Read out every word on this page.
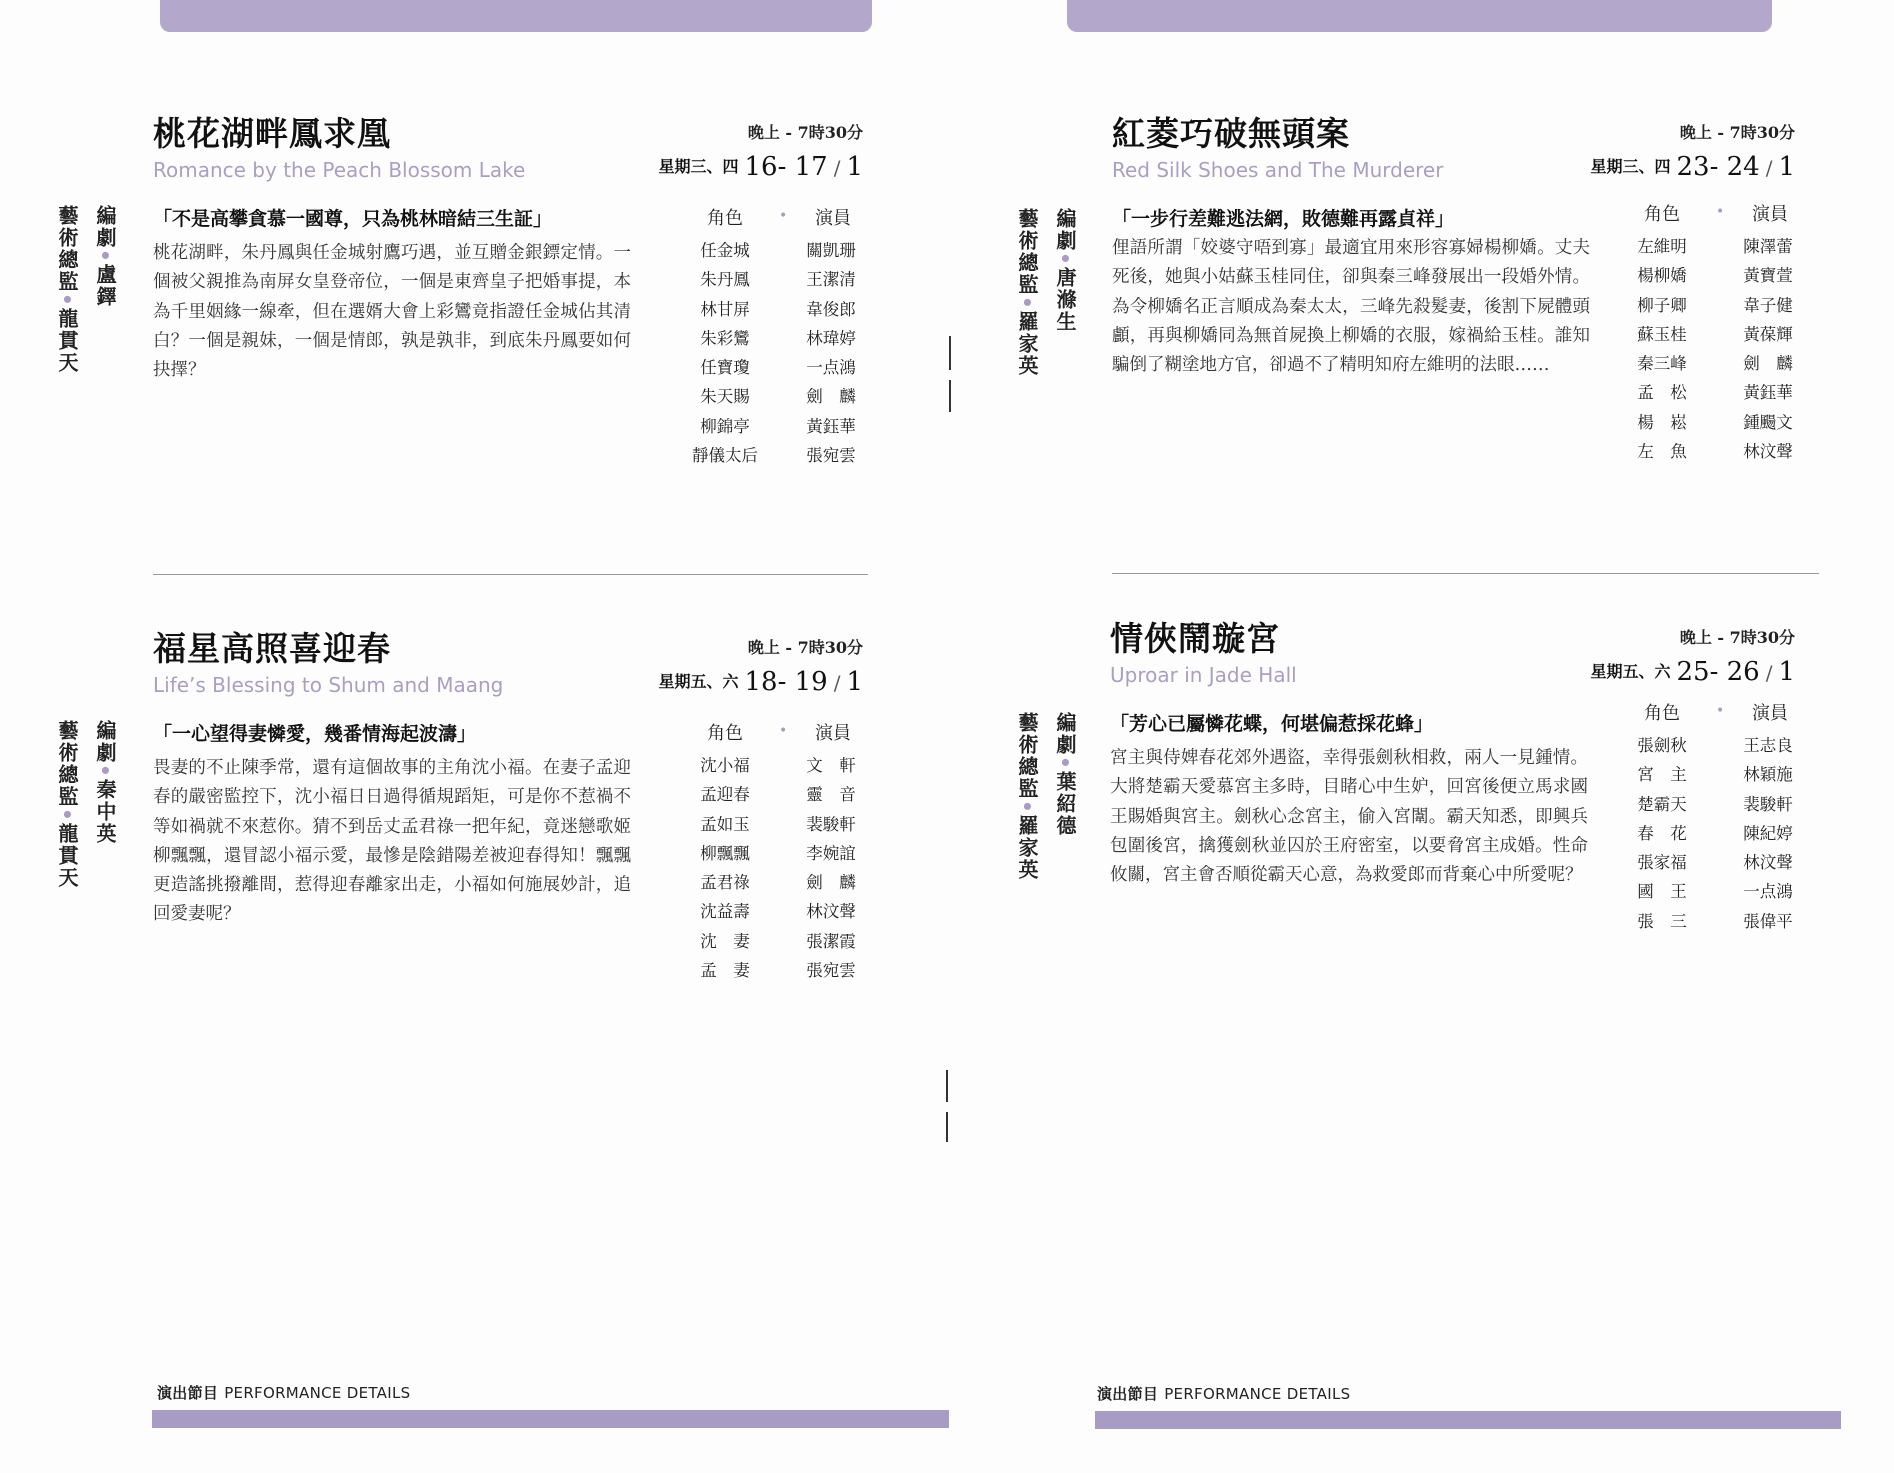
桃花湖畔鳳求凰
Romance by the Peach Blossom Lake
晚上 - 7時30分
星期三、四 16- 17 / 1
「不是高攀貪慕一國尊，只為桃林暗結三生証」
桃花湖畔，朱丹鳳與任金城射鷹巧遇，並互贈金銀鏢定情。一個被父親推為南屏女皇登帝位，一個是東齊皇子把婚事提，本為千里姻緣一線牽，但在選婿大會上彩鸞竟指證任金城佔其清白？一個是親妹，一個是情郎，孰是孰非，到底朱丹鳳要如何抉擇？
角色	• 演員
任金城	關凱珊
朱丹鳳	王潔清
林甘屏	韋俊郎
朱彩鸞	林瑋婷
任寶瓊	一点鴻
朱天賜	劍　麟
柳錦亭	黃鈺華
靜儀太后	張宛雲
編劇•盧鐸
藝術總監•龍貫天
福星高照喜迎春
Life’s Blessing to Shum and Maang
晚上 - 7時30分
星期五、六 18- 19 / 1
「一心望得妻憐愛，幾番情海起波濤」
畏妻的不止陳季常，還有這個故事的主角沈小福。在妻子孟迎春的嚴密監控下，沈小福日日過得循規蹈矩，可是你不惹禍不等如禍就不來惹你。猜不到岳丈孟君祿一把年紀，竟迷戀歌姬柳飄飄，還冒認小福示愛，最慘是陰錯陽差被迎春得知！飄飄更造謠挑撥離間，惹得迎春離家出走，小福如何施展妙計，追回愛妻呢？
角色	• 演員
沈小福	文　軒
孟迎春	靈　音
孟如玉	裴駿軒
柳飄飄	李婉誼
孟君祿	劍　麟
沈益壽	林汶聲
沈　妻	張潔霞
孟　妻	張宛雲
編劇•秦中英
藝術總監•龍貫天
演出節目 PERFORMANCE DETAILS
紅菱巧破無頭案
Red Silk Shoes and The Murderer
晚上 - 7時30分
星期三、四 23- 24 / 1
「一步行差難逃法網，敗德難再露貞祥」
俚語所謂「姣婆守唔到寡」最適宜用來形容寡婦楊柳嬌。丈夫死後，她與小姑蘇玉桂同住，卻與秦三峰發展出一段婚外情。為令柳嬌名正言順成為秦太太，三峰先殺髮妻，後割下屍體頭顱，再與柳嬌同為無首屍換上柳嬌的衣服，嫁禍給玉桂。誰知騙倒了糊塗地方官，卻過不了精明知府左維明的法眼……
角色	• 演員
左維明	陳澤蕾
楊柳嬌	黃寶萱
柳子卿	韋子健
蘇玉桂	黃葆輝
秦三峰	劍　麟
孟　松	黃鈺華
楊　崧	鍾颺文
左　魚	林汶聲
編劇•唐滌生
藝術總監•羅家英
情俠鬧璇宮
Uproar in Jade Hall
晚上 - 7時30分
星期五、六 25- 26 / 1
「芳心已屬憐花蝶，何堪偏惹採花蜂」
宮主與侍婢春花郊外遇盜，幸得張劍秋相救，兩人一見鍾情。大將楚霸天愛慕宮主多時，目睹心中生妒，回宮後便立馬求國王賜婚與宮主。劍秋心念宮主，偷入宮闈。霸天知悉，即興兵包圍後宮，擒獲劍秋並囚於王府密室，以要脅宮主成婚。性命攸關，宮主會否順從霸天心意，為救愛郎而背棄心中所愛呢？
角色	• 演員
張劍秋	王志良
宮　主	林穎施
楚霸天	裴駿軒
春　花	陳紀婷
張家福	林汶聲
國　王	一点鴻
張　三	張偉平
編劇•葉紹德
藝術總監•羅家英
演出節目 PERFORMANCE DETAILS
